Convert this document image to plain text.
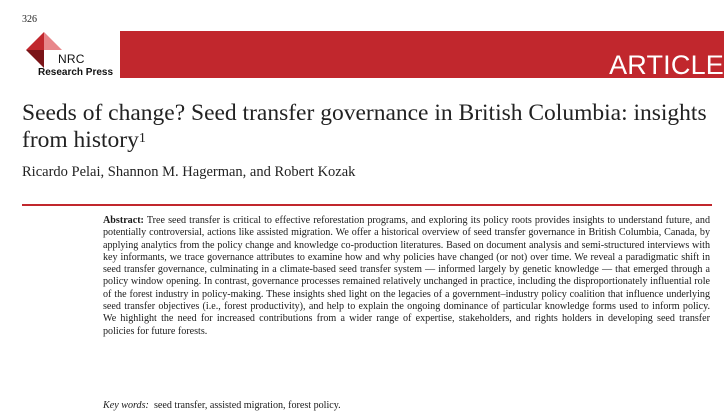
326
NRC
Research Press	ARTICLE
Seeds of change? Seed transfer governance in British Columbia: insights from history$^1$
Ricardo Pelai, Shannon M. Hagerman, and Robert Kozak
Abstract: Tree seed transfer is critical to effective reforestation programs, and exploring its policy roots provides insights to understand future, and potentially controversial, actions like assisted migration. We offer a historical overview of seed transfer governance in British Columbia, Canada, by applying analytics from the policy change and knowledge co-production literatures. Based on document analysis and semi-structured interviews with key informants, we trace governance attributes to examine how and why policies have changed (or not) over time. We reveal a paradigmatic shift in seed transfer governance, culminating in a climate-based seed transfer system — informed largely by genetic knowledge — that emerged through a policy window opening. In contrast, governance processes remained relatively unchanged in practice, including the disproportionately influential role of the forest industry in policy-making. These insights shed light on the legacies of a government–industry policy coalition that influence underlying seed transfer objectives (i.e., forest productivity), and help to explain the ongoing dominance of particular knowledge forms used to inform policy. We highlight the need for increased contributions from a wider range of expertise, stakeholders, and rights holders in developing seed transfer policies for future forests.
Key words: seed transfer, assisted migration, forest policy.
